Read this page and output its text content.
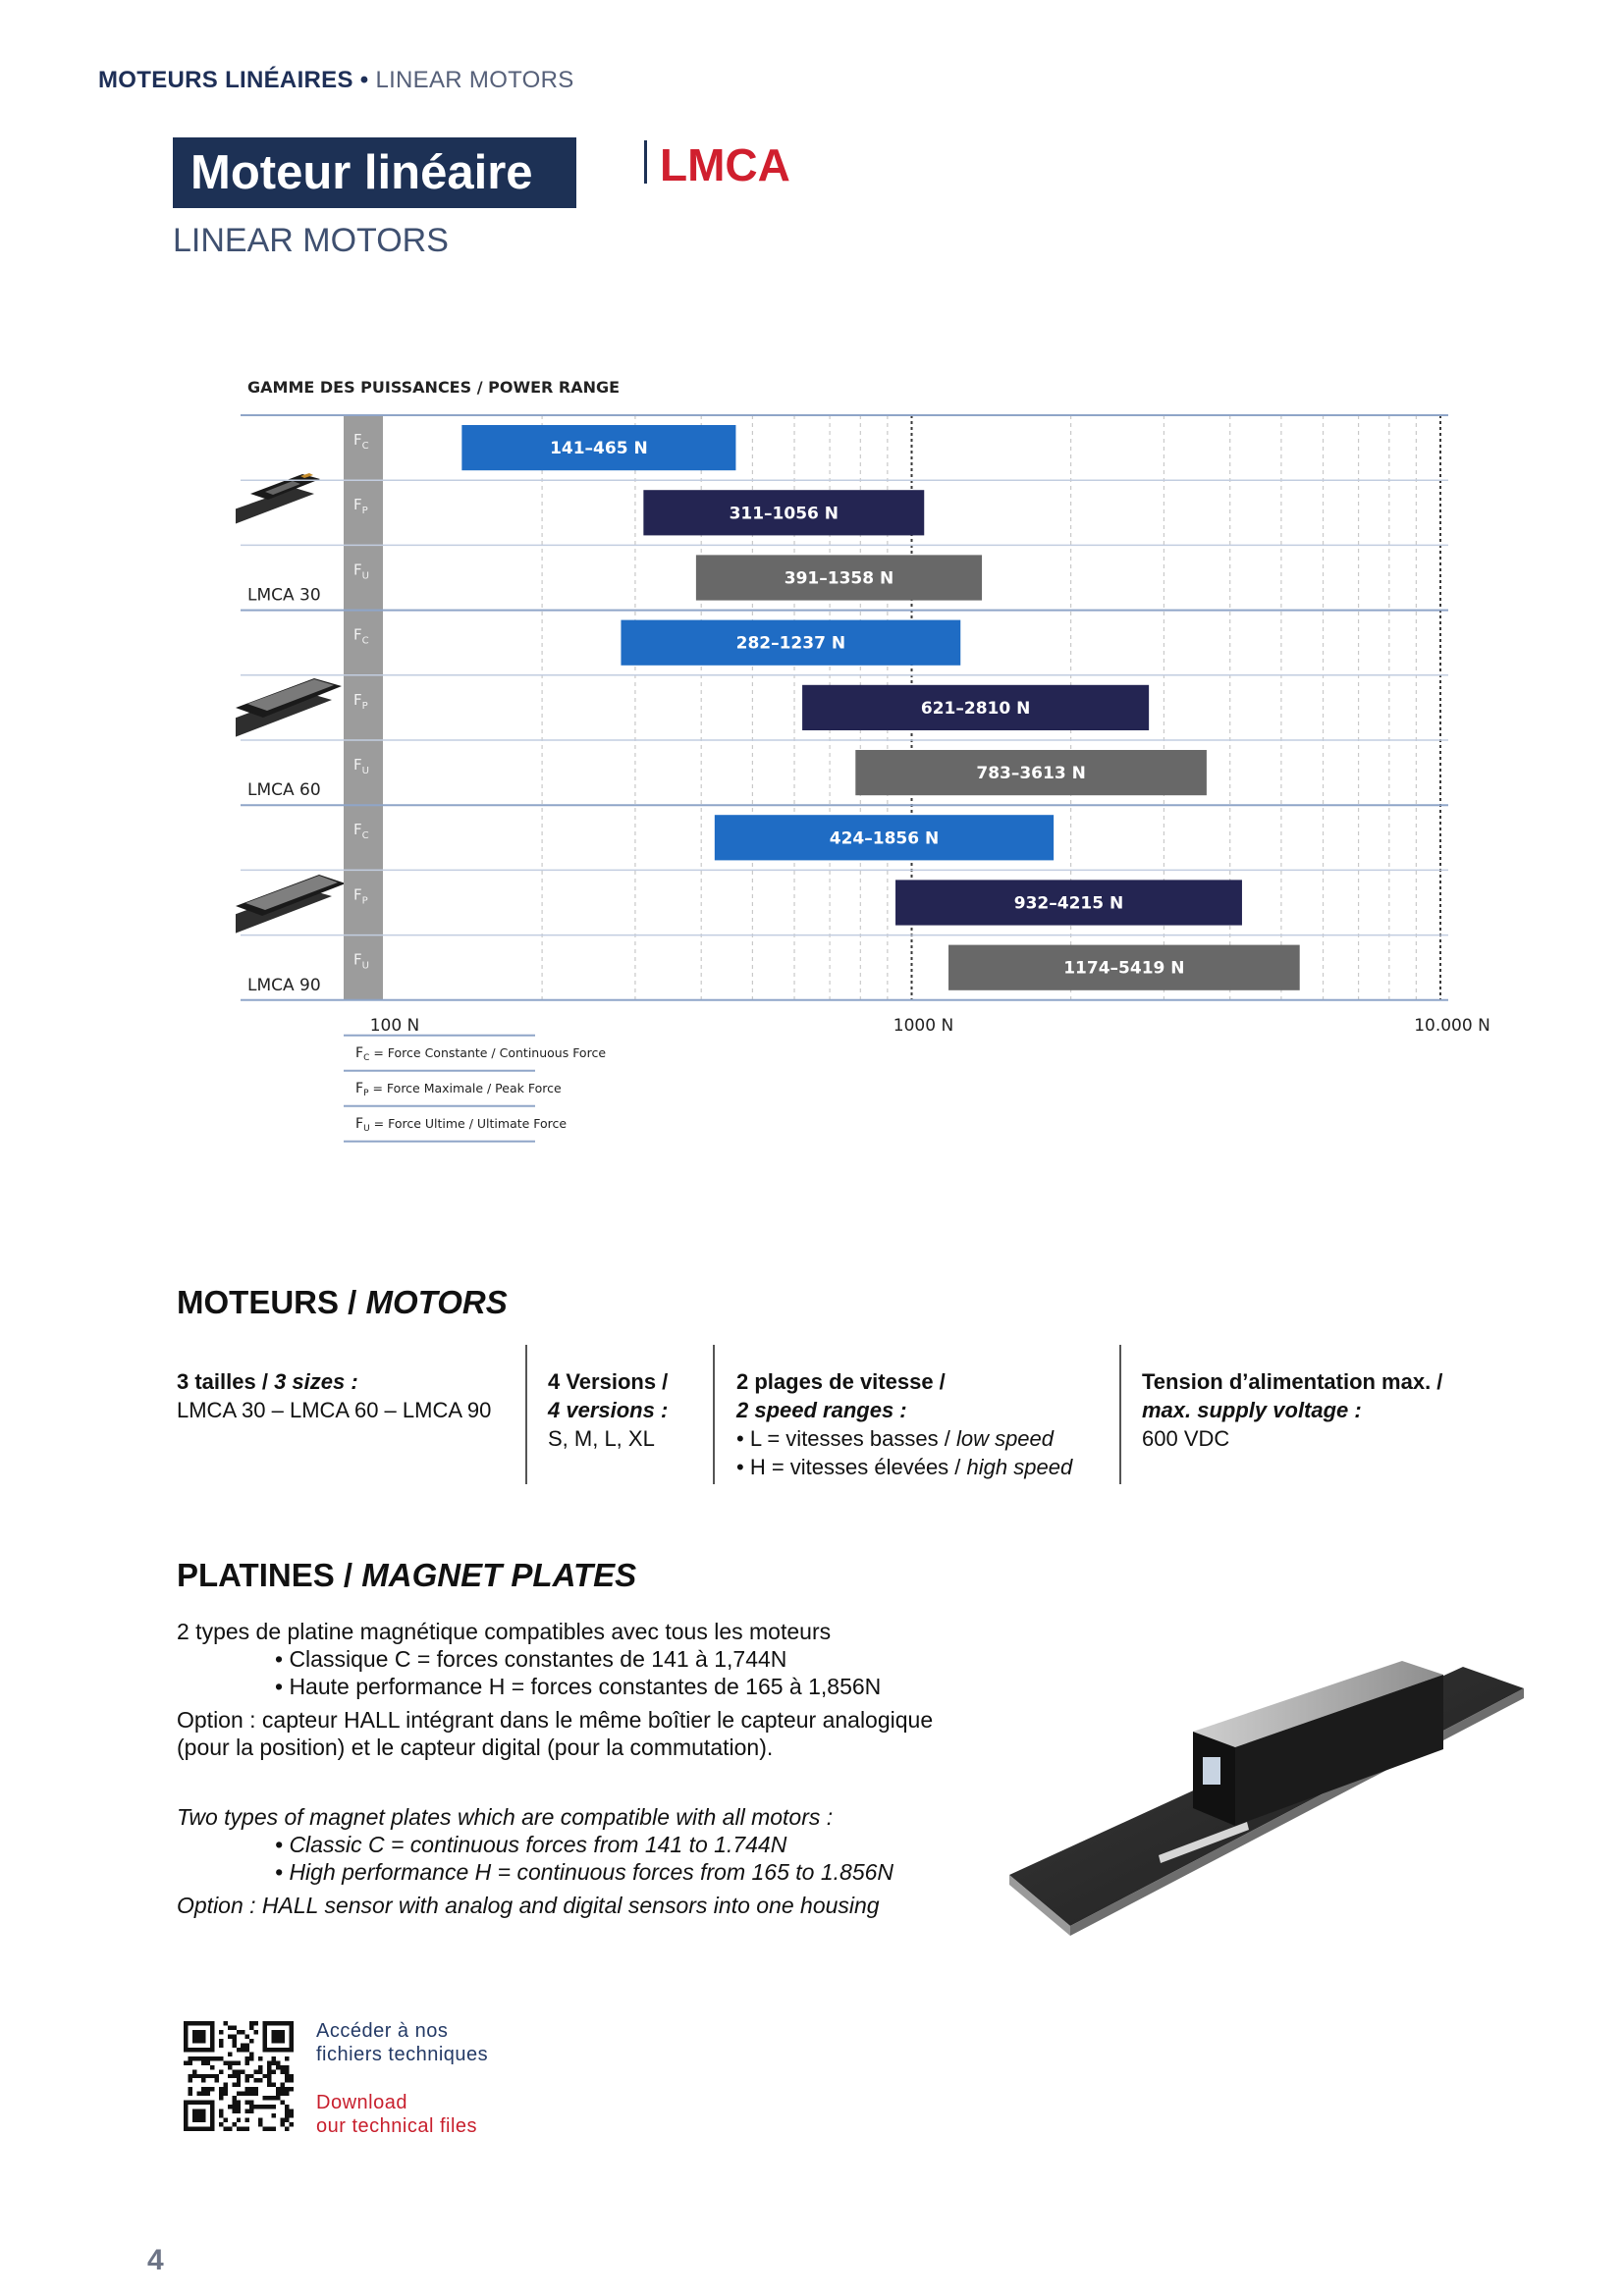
MOTEURS LINÉAIRES • LINEAR MOTORS
Moteur linéaire	LMCA
LINEAR MOTORS
GAMME DES PUISSANCES / POWER RANGE
$F_C$
$F_P$
$F_U$
$F_C$
$F_P$
$F_U$
$F_C$
$F_P$
$F_U$
LMCA 30
LMCA 60
LMCA 90
141–465 N
311–1056 N
391–1358 N
282–1237 N
621–2810 N
783–3613 N
424–1856 N
932–4215 N
1174–5419 N
100 N	1000 N	10.000 N
$F_C$ = Force Constante / Continuous Force
$F_P$ = Force Maximale / Peak Force
$F_U$ = Force Ultime / Ultimate Force
MOTEURS / MOTORS
3 tailles / 3 sizes :
LMCA 30 – LMCA 60 – LMCA 90
4 Versions /
4 versions :
S, M, L, XL
2 plages de vitesse /
2 speed ranges :
• L = vitesses basses / low speed
• H = vitesses élevées / high speed
Tension d’alimentation max. /
max. supply voltage :
600 VDC
PLATINES / MAGNET PLATES
2 types de platine magnétique compatibles avec tous les moteurs
• Classique C = forces constantes de 141 à 1,744N
• Haute performance H = forces constantes de 165 à 1,856N
Option : capteur HALL intégrant dans le même boîtier le capteur analogique
(pour la position) et le capteur digital (pour la commutation).
Two types of magnet plates which are compatible with all motors :
• Classic C = continuous forces from 141 to 1.744N
• High performance H = continuous forces from 165 to 1.856N
Option : HALL sensor with analog and digital sensors into one housing
Accéder à nos
fichiers techniques
Download
our technical files
4
